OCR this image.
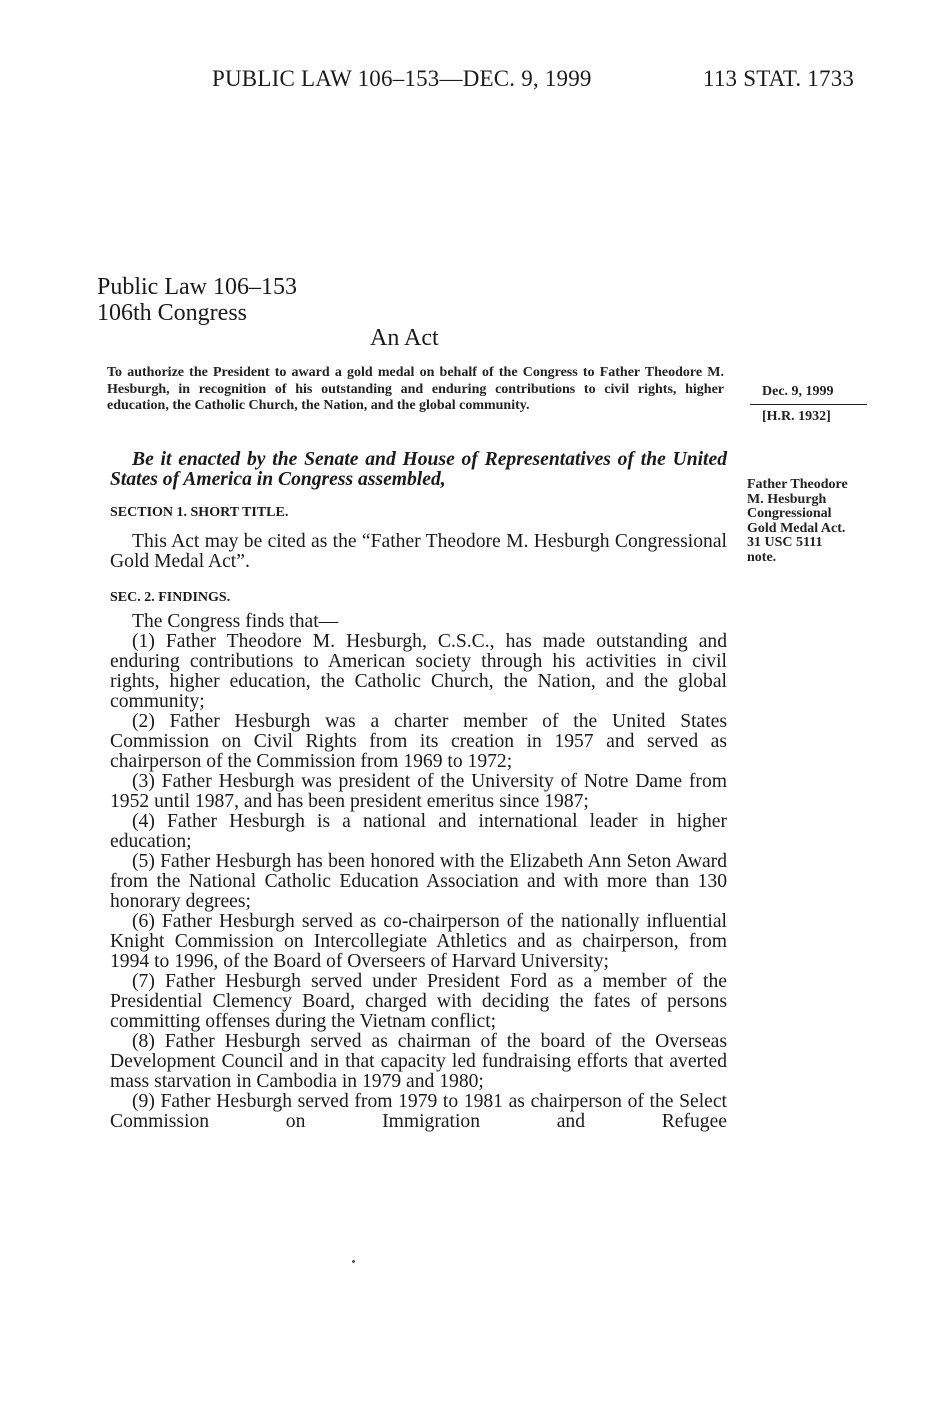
PUBLIC LAW 106–153—DEC. 9, 1999	113 STAT. 1733
Public Law 106–153
106th Congress
An Act
To authorize the President to award a gold medal on behalf of the Congress to Father Theodore M. Hesburgh, in recognition of his outstanding and enduring contributions to civil rights, higher education, the Catholic Church, the Nation, and the global community.
Dec. 9, 1999
[H.R. 1932]
Father Theodore
M. Hesburgh
Congressional
Gold Medal Act.
31 USC 5111
note.
Be it enacted by the Senate and House of Representatives of the United States of America in Congress assembled,
SECTION 1. SHORT TITLE.
This Act may be cited as the “Father Theodore M. Hesburgh Congressional Gold Medal Act”.
SEC. 2. FINDINGS.

The Congress finds that—

(1) Father Theodore M. Hesburgh, C.S.C., has made outstanding and enduring contributions to American society through his activities in civil rights, higher education, the Catholic Church, the Nation, and the global community;

(2) Father Hesburgh was a charter member of the United States Commission on Civil Rights from its creation in 1957 and served as chairperson of the Commission from 1969 to 1972;

(3) Father Hesburgh was president of the University of Notre Dame from 1952 until 1987, and has been president emeritus since 1987;

(4) Father Hesburgh is a national and international leader in higher education;

(5) Father Hesburgh has been honored with the Elizabeth Ann Seton Award from the National Catholic Education Association and with more than 130 honorary degrees;

(6) Father Hesburgh served as co-chairperson of the nationally influential Knight Commission on Intercollegiate Athletics and as chairperson, from 1994 to 1996, of the Board of Overseers of Harvard University;

(7) Father Hesburgh served under President Ford as a member of the Presidential Clemency Board, charged with deciding the fates of persons committing offenses during the Vietnam conflict;

(8) Father Hesburgh served as chairman of the board of the Overseas Development Council and in that capacity led fundraising efforts that averted mass starvation in Cambodia in 1979 and 1980;

(9) Father Hesburgh served from 1979 to 1981 as chairperson of the Select Commission on Immigration and Refugee
